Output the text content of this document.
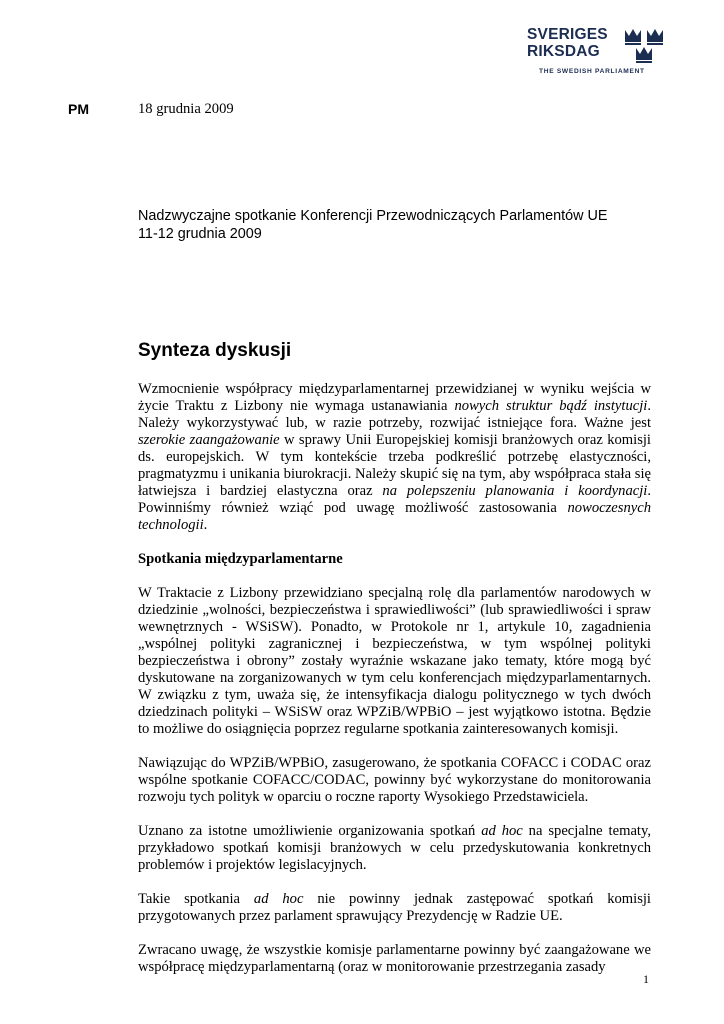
SVERIGES
RIKSDAG
THE SWEDISH PARLIAMENT
PM	18 grudnia 2009
Nadzwyczajne spotkanie Konferencji Przewodniczących Parlamentów UE
11-12 grudnia 2009
Synteza dyskusji

Wzmocnienie współpracy międzyparlamentarnej przewidzianej w wyniku wejścia w życie Traktu z Lizbony nie wymaga ustanawiania nowych struktur bądź instytucji. Należy wykorzystywać lub, w razie potrzeby, rozwijać istniejące fora. Ważne jest szerokie zaangażowanie w sprawy Unii Europejskiej komisji branżowych oraz komisji ds. europejskich. W tym kontekście trzeba podkreślić potrzebę elastyczności, pragmatyzmu i unikania biurokracji. Należy skupić się na tym, aby współpraca stała się łatwiejsza i bardziej elastyczna oraz na polepszeniu planowania i koordynacji. Powinniśmy również wziąć pod uwagę możliwość zastosowania nowoczesnych technologii.

Spotkania międzyparlamentarne

W Traktacie z Lizbony przewidziano specjalną rolę dla parlamentów narodowych w dziedzinie „wolności, bezpieczeństwa i sprawiedliwości” (lub sprawiedliwości i spraw wewnętrznych - WSiSW). Ponadto, w Protokole nr 1, artykule 10, zagadnienia „wspólnej polityki zagranicznej i bezpieczeństwa, w tym wspólnej polityki bezpieczeństwa i obrony” zostały wyraźnie wskazane jako tematy, które mogą być dyskutowane na zorganizowanych w tym celu konferencjach międzyparlamentarnych. W związku z tym, uważa się, że intensyfikacja dialogu politycznego w tych dwóch dziedzinach polityki – WSiSW oraz WPZiB/WPBiO – jest wyjątkowo istotna. Będzie to możliwe do osiągnięcia poprzez regularne spotkania zainteresowanych komisji.

Nawiązując do WPZiB/WPBiO, zasugerowano, że spotkania COFACC i CODAC oraz wspólne spotkanie COFACC/CODAC, powinny być wykorzystane do monitorowania rozwoju tych polityk w oparciu o roczne raporty Wysokiego Przedstawiciela.

Uznano za istotne umożliwienie organizowania spotkań ad hoc na specjalne tematy, przykładowo spotkań komisji branżowych w celu przedyskutowania konkretnych problemów i projektów legislacyjnych.

Takie spotkania ad hoc nie powinny jednak zastępować spotkań komisji przygotowanych przez parlament sprawujący Prezydencję w Radzie UE.

Zwracano uwagę, że wszystkie komisje parlamentarne powinny być zaangażowane we współpracę międzyparlamentarną (oraz w monitorowanie przestrzegania zasady

1
